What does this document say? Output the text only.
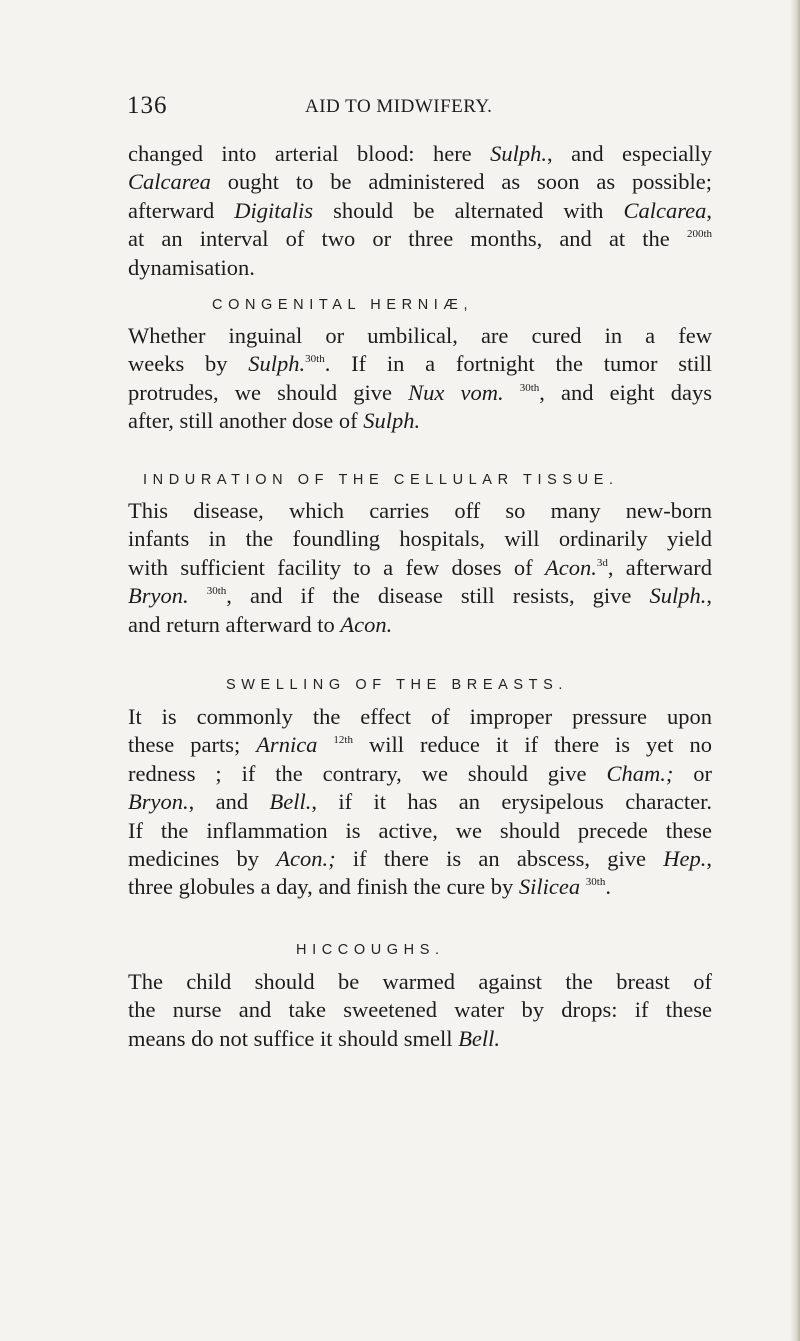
136	AID TO MIDWIFERY.

changed into arterial blood: here Sulph., and especially
Calcarea ought to be administered as soon as possible;
afterward Digitalis should be alternated with Calcarea,
at an interval of two or three months, and at the $^{200th}$
dynamisation.

CONGENITAL HERNIÆ,

Whether inguinal or umbilical, are cured in a few
weeks by Sulph.$^{30th}$. If in a fortnight the tumor still
protrudes, we should give Nux vom. $^{30th}$, and eight days
after, still another dose of Sulph.

INDURATION OF THE CELLULAR TISSUE.

This disease, which carries off so many new-born
infants in the foundling hospitals, will ordinarily yield
with sufficient facility to a few doses of Acon.$^{3d}$, afterward
Bryon. $^{30th}$, and if the disease still resists, give Sulph.,
and return afterward to Acon.

SWELLING OF THE BREASTS.

It is commonly the effect of improper pressure upon
these parts; Arnica $^{12th}$ will reduce it if there is yet no
redness ; if the contrary, we should give Cham.; or
Bryon., and Bell., if it has an erysipelous character.
If the inflammation is active, we should precede these
medicines by Acon.; if there is an abscess, give Hep.,
three globules a day, and finish the cure by Silicea $^{30th}$.

HICCOUGHS.

The child should be warmed against the breast of
the nurse and take sweetened water by drops: if these
means do not suffice it should smell Bell.
